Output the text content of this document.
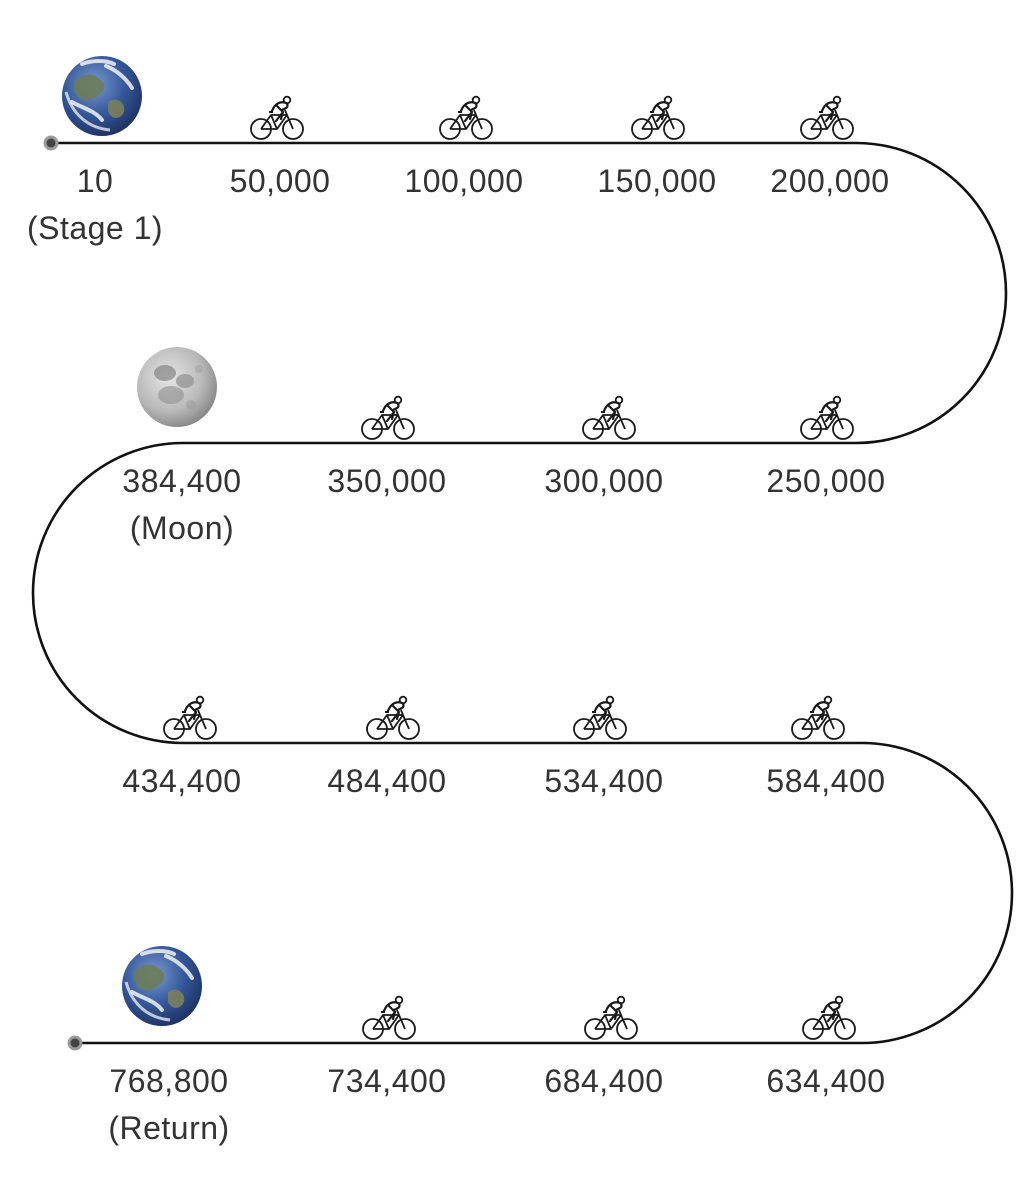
10
(Stage 1)
50,000 100,000 150,000 200,000
384,400
(Moon)
350,000	300,000	250,000
434,400	484,400	534,400	584,400
768,800
(Return)
734,400	684,400	634,400
